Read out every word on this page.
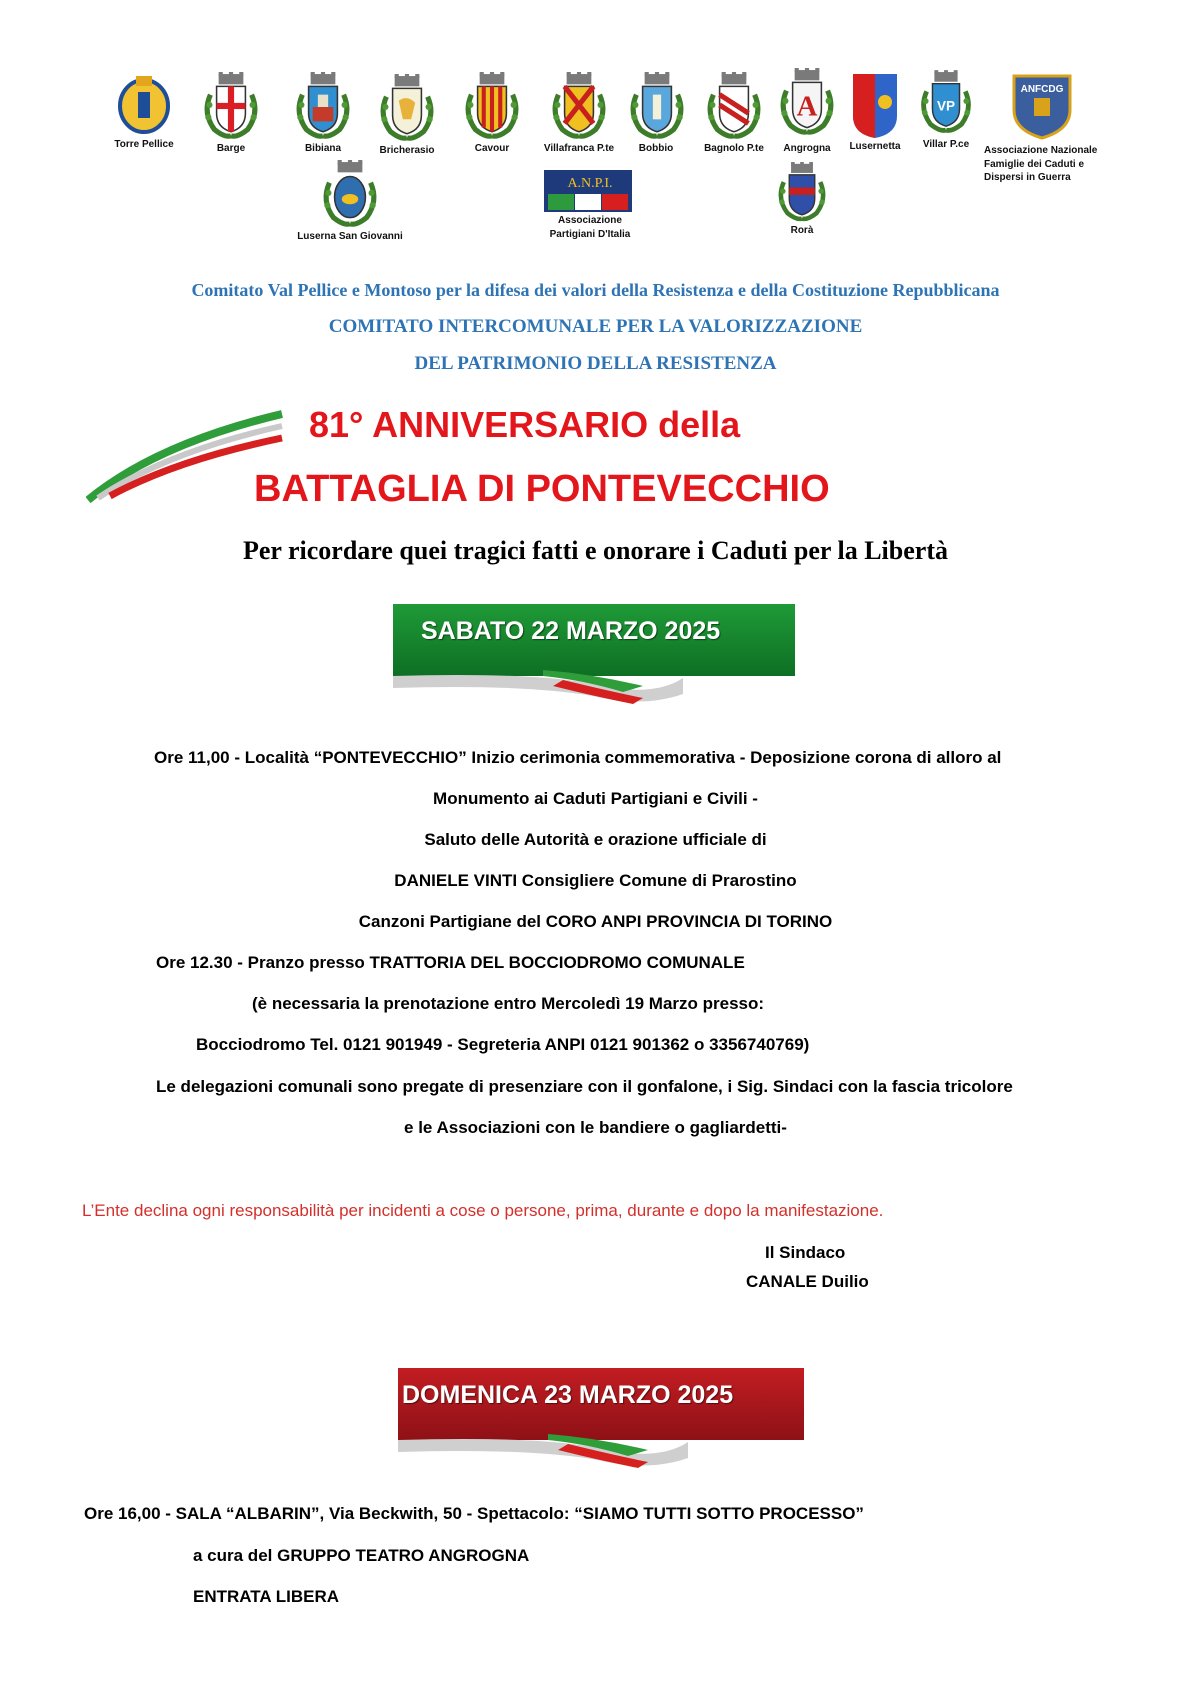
Torre Pellice	Barge	Bibiana	Bricherasio	Cavour	Villafranca P.te	Bobbio	Bagnolo P.te
A
Angrogna	Lusernetta
VP
Villar P.ce
ANFCDG
Associazione Nazionale
Famiglie dei Caduti e
Dispersi in Guerra
Luserna San Giovanni
A.N.P.I.
Associazione
Partigiani D'Italia	Rorà
Comitato Val Pellice e Montoso per la difesa dei valori della Resistenza e della Costituzione Repubblicana
COMITATO INTERCOMUNALE PER LA VALORIZZAZIONE
DEL PATRIMONIO DELLA RESISTENZA
81° ANNIVERSARIO della
BATTAGLIA DI PONTEVECCHIO
Per ricordare quei tragici fatti e onorare i Caduti per la Libertà
SABATO 22 MARZO 2025
Ore 11,00 - Località “PONTEVECCHIO” Inizio cerimonia commemorativa - Deposizione corona di alloro al
Monumento ai Caduti Partigiani e Civili -
Saluto delle Autorità e orazione ufficiale di
DANIELE VINTI Consigliere Comune di Prarostino
Canzoni Partigiane del CORO ANPI PROVINCIA DI TORINO
Ore 12.30 - Pranzo presso TRATTORIA DEL BOCCIODROMO COMUNALE
(è necessaria la prenotazione entro Mercoledì 19 Marzo presso:
Bocciodromo Tel. 0121 901949 - Segreteria ANPI 0121 901362 o 3356740769)
Le delegazioni comunali sono pregate di presenziare con il gonfalone, i Sig. Sindaci con la fascia tricolore
e le Associazioni con le bandiere o gagliardetti-
L’Ente declina ogni responsabilità per incidenti a cose o persone, prima, durante e dopo la manifestazione.
Il Sindaco
CANALE Duilio
DOMENICA 23 MARZO 2025
Ore 16,00 - SALA “ALBARIN”, Via Beckwith, 50 - Spettacolo: “SIAMO TUTTI SOTTO PROCESSO”
a cura del GRUPPO TEATRO ANGROGNA
ENTRATA LIBERA
